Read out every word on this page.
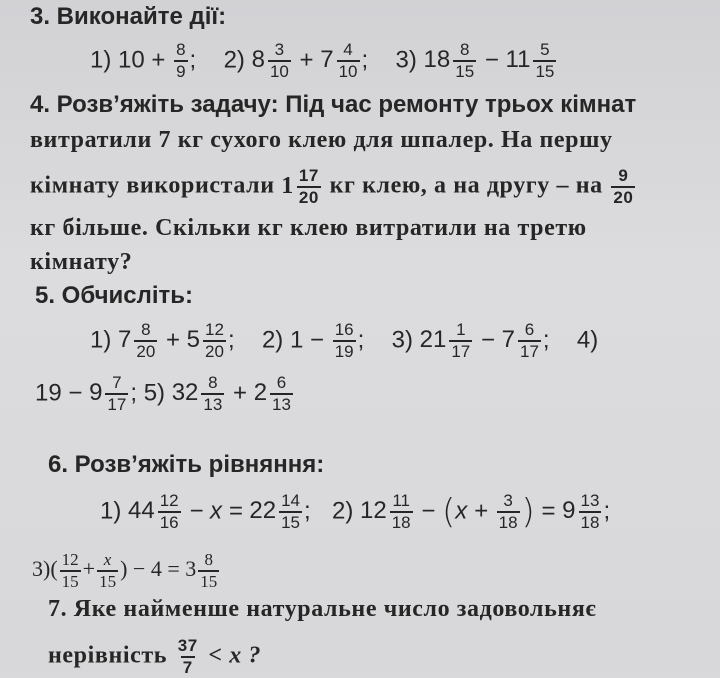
3. Виконайте дії:
1) $10 + \frac{8}{9}$ ; 2) $8 \frac{3}{10} + 7 \frac{4}{10}$ ; 3) $18 \frac{8}{15} - 11 \frac{5}{15}$
4. Розв’яжіть задачу: Під час ремонту трьох кімнат
витратили 7 кг сухого клею для шпалер. На першу
кімнату використали $1 \frac{17}{20}$ кг клею, а на другу – на $\frac{9}{20}$
кг більше. Скільки кг клею витратили на третю
кімнату?
5. Обчисліть:
1) $7 \frac{8}{20} + 5 \frac{12}{20}$ ; 2) $1 - \frac{16}{19}$ ; 3) $21 \frac{1}{17} - 7 \frac{6}{17}$ ; 4)
$19 - 9 \frac{7}{17}$ ; 5) $32 \frac{8}{13} + 2 \frac{6}{13}$
6. Розв’яжіть рівняння:
1) $44 \frac{12}{16} - x = 22 \frac{14}{15}$ ; 2) $12 \frac{11}{18} - (x + \frac{3}{18}$ ) = $9 \frac{13}{18}$ ;
$3)( \frac{12}{15} + \frac{x}{15}$ ) − $4 = 3 \frac{8}{15}$
7. Яке найменше натуральне число задовольняє
нерівність $\frac{37}{7} < x$ ?
